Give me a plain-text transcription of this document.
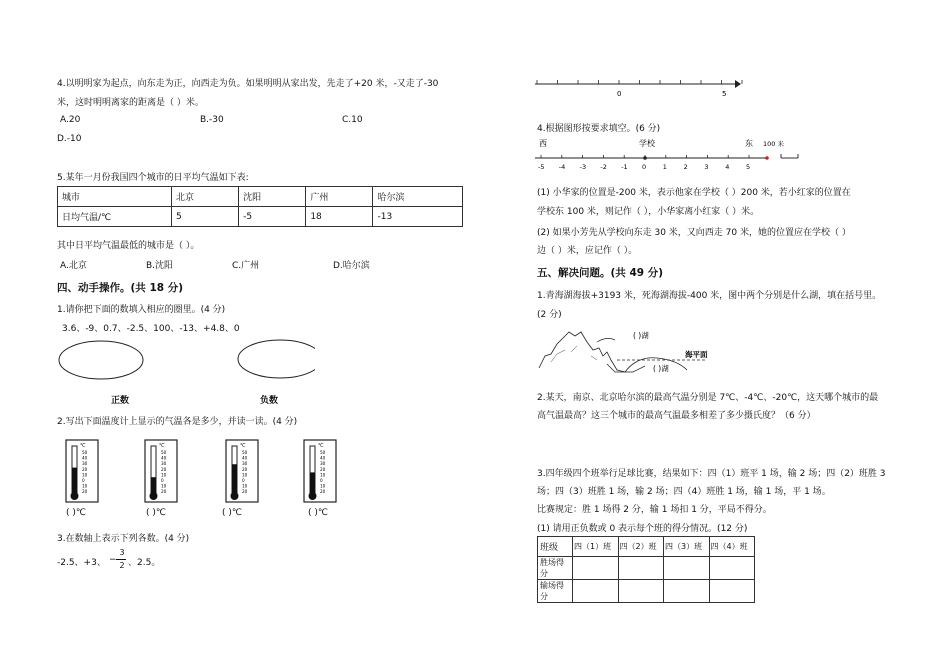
4.以明明家为起点，向东走为正，向西走为负。如果明明从家出发，先走了+20 米，-又走了-30
米，这时明明离家的距离是（ ）米。
A.20	B.-30	C.10
D.-10
5.某年一月份我国四个城市的日平均气温如下表:
城市	北京	沈阳	广州	哈尔滨
日均气温/℃	5	-5	18	-13
其中日平均气温最低的城市是（ ）。
A.北京	B.沈阳	C.广州	D.哈尔滨
四、动手操作。(共 18 分)
1.请你把下面的数填入相应的圈里。(4 分)
3.6、-9、0.7、-2.5、100、-13、+4.8、0
正数	负数
2.写出下面温度计上显示的气温各是多少，并读一读。(4 分)
℃
50
40
30
20
10
0
10
20
℃
50
40
30
20
10
0
10
20
℃
50
40
30
20
10
0
10
20
℃
50
40
30
20
10
0
10
20
( )℃	( )℃	( )℃	( )℃
3.在数轴上表示下列各数。(4 分)
-2.5、+3、 −
3
2 、2.5。
0	5
4.根据图形按要求填空。(6 分)
西	学校	东 100 米
-5 -4 -3 -2 -1 0	1	2	3	4	5
(1) 小华家的位置是-200 米，表示他家在学校（ ）200 米，若小红家的位置在
学校东 100 米，则记作（ ），小华家离小红家（ ）米。
(2) 如果小芳先从学校向东走 30 米，又向西走 70 米，她的位置应在学校（ ）
边（ ）米，应记作（ ）。
五、解决问题。(共 49 分)
1.青海湖海拔+3193 米，死海湖海拔-400 米，图中两个分别是什么湖，填在括号里。
(2 分)
( )湖
( )湖
海平面
2.某天，南京、北京哈尔滨的最高气温分别是 7℃、-4℃、-20℃，这天哪个城市的最
高气温最高？这三个城市的最高气温最多相差了多少摄氏度？（6 分）
3.四年级四个班举行足球比赛，结果如下：四（1）班平 1 场，输 2 场；四（2）班胜 3
场；四（3）班胜 1 场，输 2 场；四（4）班胜 1 场，输 1 场，平 1 场。
比赛规定：胜 1 场得 2 分，输 1 场扣 1 分，平局不得分。
(1) 请用正负数或 0 表示每个班的得分情况。(12 分)
班级	四（1）班	四（2）班	四（3）班	四（4）班
胜场得分				
输场得分				
